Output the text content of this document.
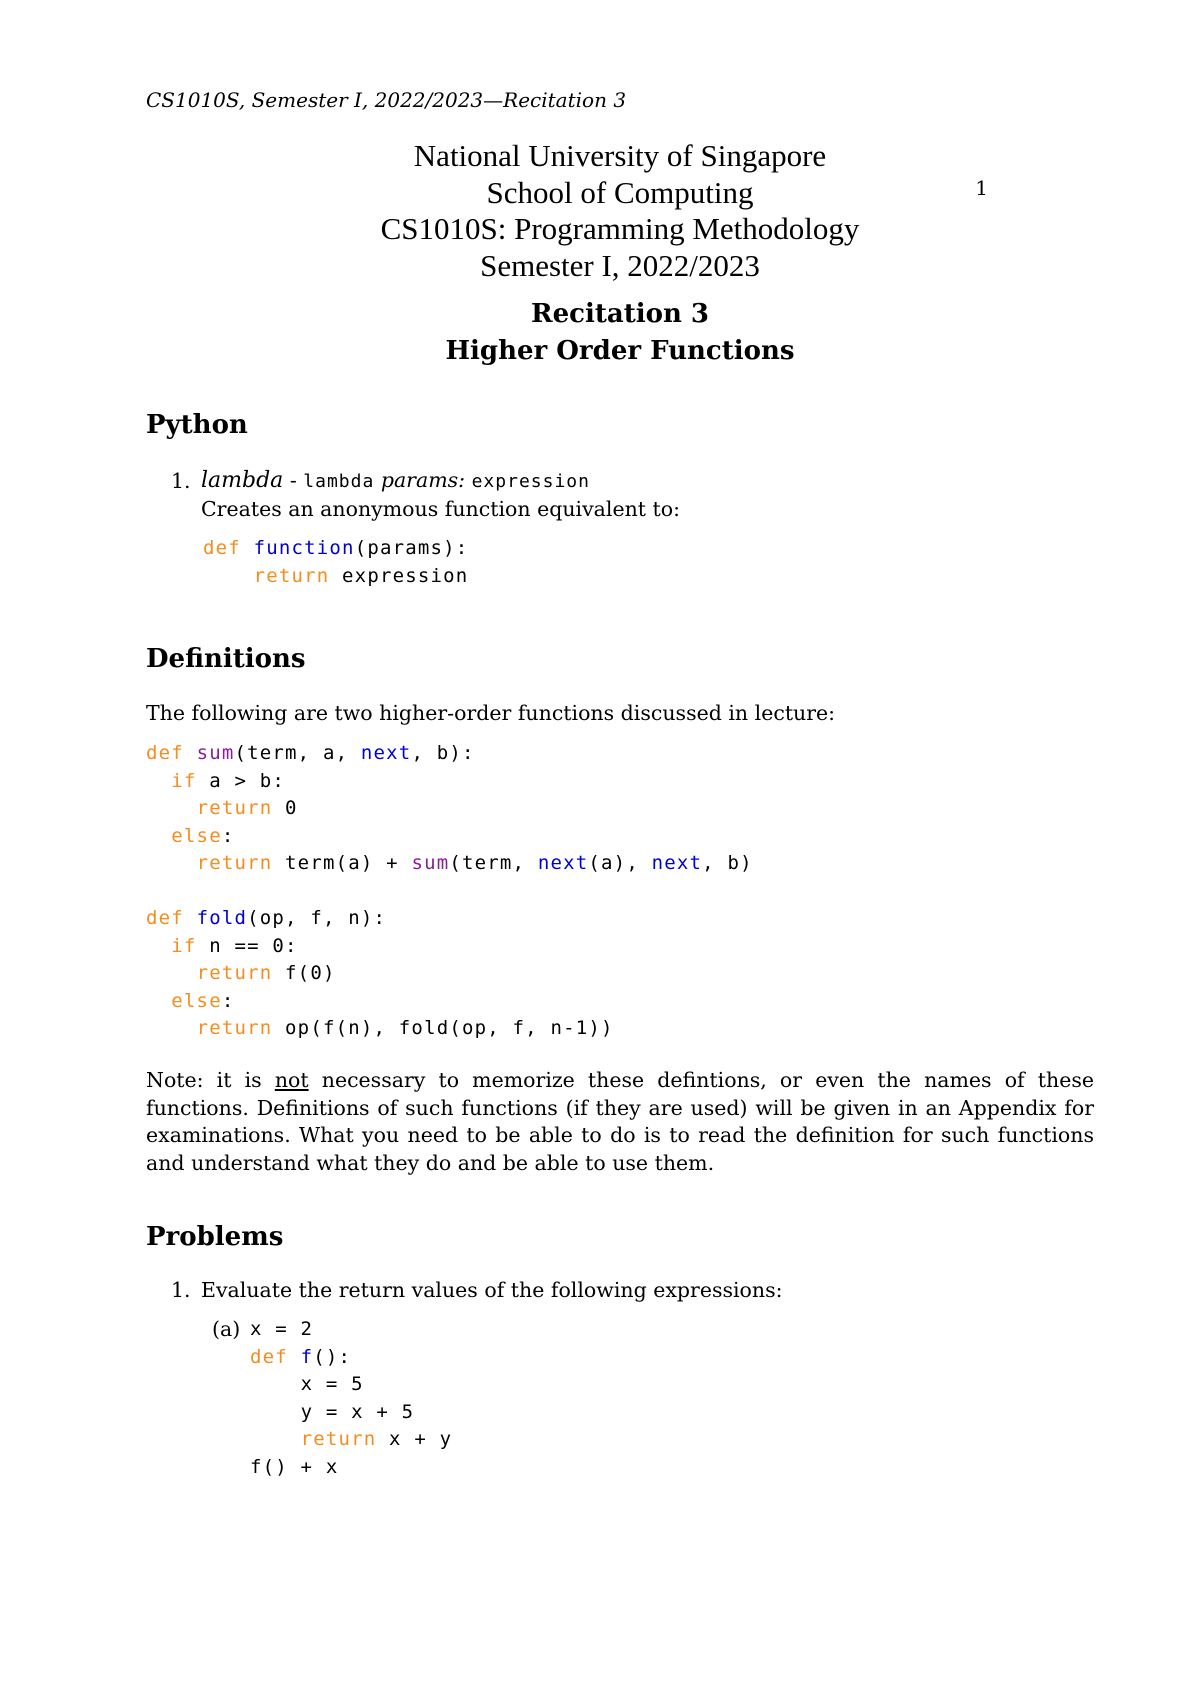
CS1010S, Semester I, 2022/2023—Recitation 3
1
National University of Singapore
School of Computing
CS1010S: Programming Methodology
Semester I, 2022/2023
Recitation 3
Higher Order Functions
Python
1. lambda - lambda params: expression
Creates an anonymous function equivalent to:
def function(params):
return expression
Definitions
The following are two higher-order functions discussed in lecture:
def sum(term, a, next, b):
if a > b:
return 0
else:
return term(a) + sum(term, next(a), next, b)
def fold(op, f, n):
if n == 0:
return f(0)
else:
return op(f(n), fold(op, f, n-1))
Note: it is not necessary to memorize these defintions, or even the names of these functions. Definitions of such functions (if they are used) will be given in an Appendix for examinations. What you need to be able to do is to read the definition for such functions and understand what they do and be able to use them.
Problems
1. Evaluate the return values of the following expressions:
(a) x = 2
def f():
x = 5
y = x + 5
return x + y
f() + x
